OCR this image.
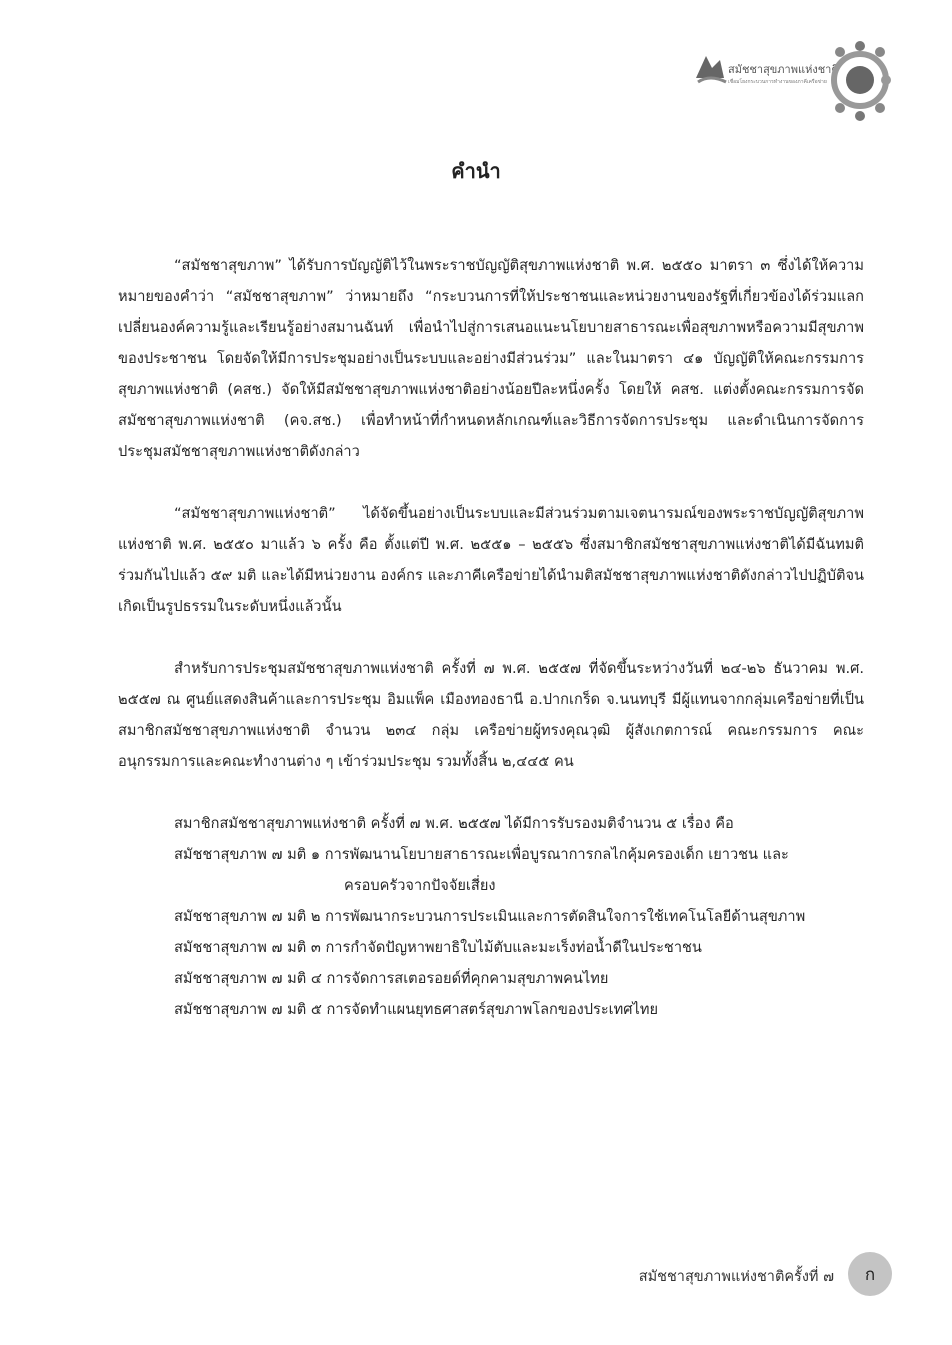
สมัชชาสุขภาพแห่งชาติ
เชื่อมโยงกระบวนการทำงานของภาคีเครือข่าย
คำนำ

“สมัชชาสุขภาพ” ได้รับการบัญญัติไว้ในพระราชบัญญัติสุขภาพแห่งชาติ พ.ศ. ๒๕๕๐ มาตรา ๓ ซึ่งได้ให้ความหมายของคำว่า “สมัชชาสุขภาพ” ว่าหมายถึง “กระบวนการที่ให้ประชาชนและหน่วยงานของรัฐที่เกี่ยวข้องได้ร่วมแลกเปลี่ยนองค์ความรู้และเรียนรู้อย่างสมานฉันท์ เพื่อนำไปสู่การเสนอแนะนโยบายสาธารณะเพื่อสุขภาพหรือความมีสุขภาพของประชาชน โดยจัดให้มีการประชุมอย่างเป็นระบบและอย่างมีส่วนร่วม” และในมาตรา ๔๑ บัญญัติให้คณะกรรมการสุขภาพแห่งชาติ (คสช.) จัดให้มีสมัชชาสุขภาพแห่งชาติอย่างน้อยปีละหนึ่งครั้ง โดยให้ คสช. แต่งตั้งคณะกรรมการจัดสมัชชาสุขภาพแห่งชาติ (คจ.สช.) เพื่อทำหน้าที่กำหนดหลักเกณฑ์และวิธีการจัดการประชุม และดำเนินการจัดการประชุมสมัชชาสุขภาพแห่งชาติดังกล่าว

“สมัชชาสุขภาพแห่งชาติ” ได้จัดขึ้นอย่างเป็นระบบและมีส่วนร่วมตามเจตนารมณ์ของพระราชบัญญัติสุขภาพแห่งชาติ พ.ศ. ๒๕๕๐ มาแล้ว ๖ ครั้ง คือ ตั้งแต่ปี พ.ศ. ๒๕๕๑ – ๒๕๕๖ ซึ่งสมาชิกสมัชชาสุขภาพแห่งชาติได้มีฉันทมติร่วมกันไปแล้ว ๕๙ มติ และได้มีหน่วยงาน องค์กร และภาคีเครือข่ายได้นำมติสมัชชาสุขภาพแห่งชาติดังกล่าวไปปฏิบัติจนเกิดเป็นรูปธรรมในระดับหนึ่งแล้วนั้น

สำหรับการประชุมสมัชชาสุขภาพแห่งชาติ ครั้งที่ ๗ พ.ศ. ๒๕๕๗ ที่จัดขึ้นระหว่างวันที่ ๒๔-๒๖ ธันวาคม พ.ศ. ๒๕๕๗ ณ ศูนย์แสดงสินค้าและการประชุม อิมแพ็ค เมืองทองธานี อ.ปากเกร็ด จ.นนทบุรี มีผู้แทนจากกลุ่มเครือข่ายที่เป็นสมาชิกสมัชชาสุขภาพแห่งชาติ จำนวน ๒๓๔ กลุ่ม เครือข่ายผู้ทรงคุณวุฒิ ผู้สังเกตการณ์ คณะกรรมการ คณะอนุกรรมการและคณะทำงานต่าง ๆ เข้าร่วมประชุม รวมทั้งสิ้น ๒,๔๔๕ คน

สมาชิกสมัชชาสุขภาพแห่งชาติ ครั้งที่ ๗ พ.ศ. ๒๕๕๗ ได้มีการรับรองมติจำนวน ๕ เรื่อง คือ
สมัชชาสุขภาพ ๗ มติ ๑ การพัฒนานโยบายสาธารณะเพื่อบูรณาการกลไกคุ้มครองเด็ก เยาวชน และ
ครอบครัวจากปัจจัยเสี่ยง
สมัชชาสุขภาพ ๗ มติ ๒ การพัฒนากระบวนการประเมินและการตัดสินใจการใช้เทคโนโลยีด้านสุขภาพ
สมัชชาสุขภาพ ๗ มติ ๓ การกำจัดปัญหาพยาธิใบไม้ตับและมะเร็งท่อน้ำดีในประชาชน
สมัชชาสุขภาพ ๗ มติ ๔ การจัดการสเตอรอยด์ที่คุกคามสุขภาพคนไทย
สมัชชาสุขภาพ ๗ มติ ๕ การจัดทำแผนยุทธศาสตร์สุขภาพโลกของประเทศไทย
สมัชชาสุขภาพแห่งชาติครั้งที่ ๗	ก
